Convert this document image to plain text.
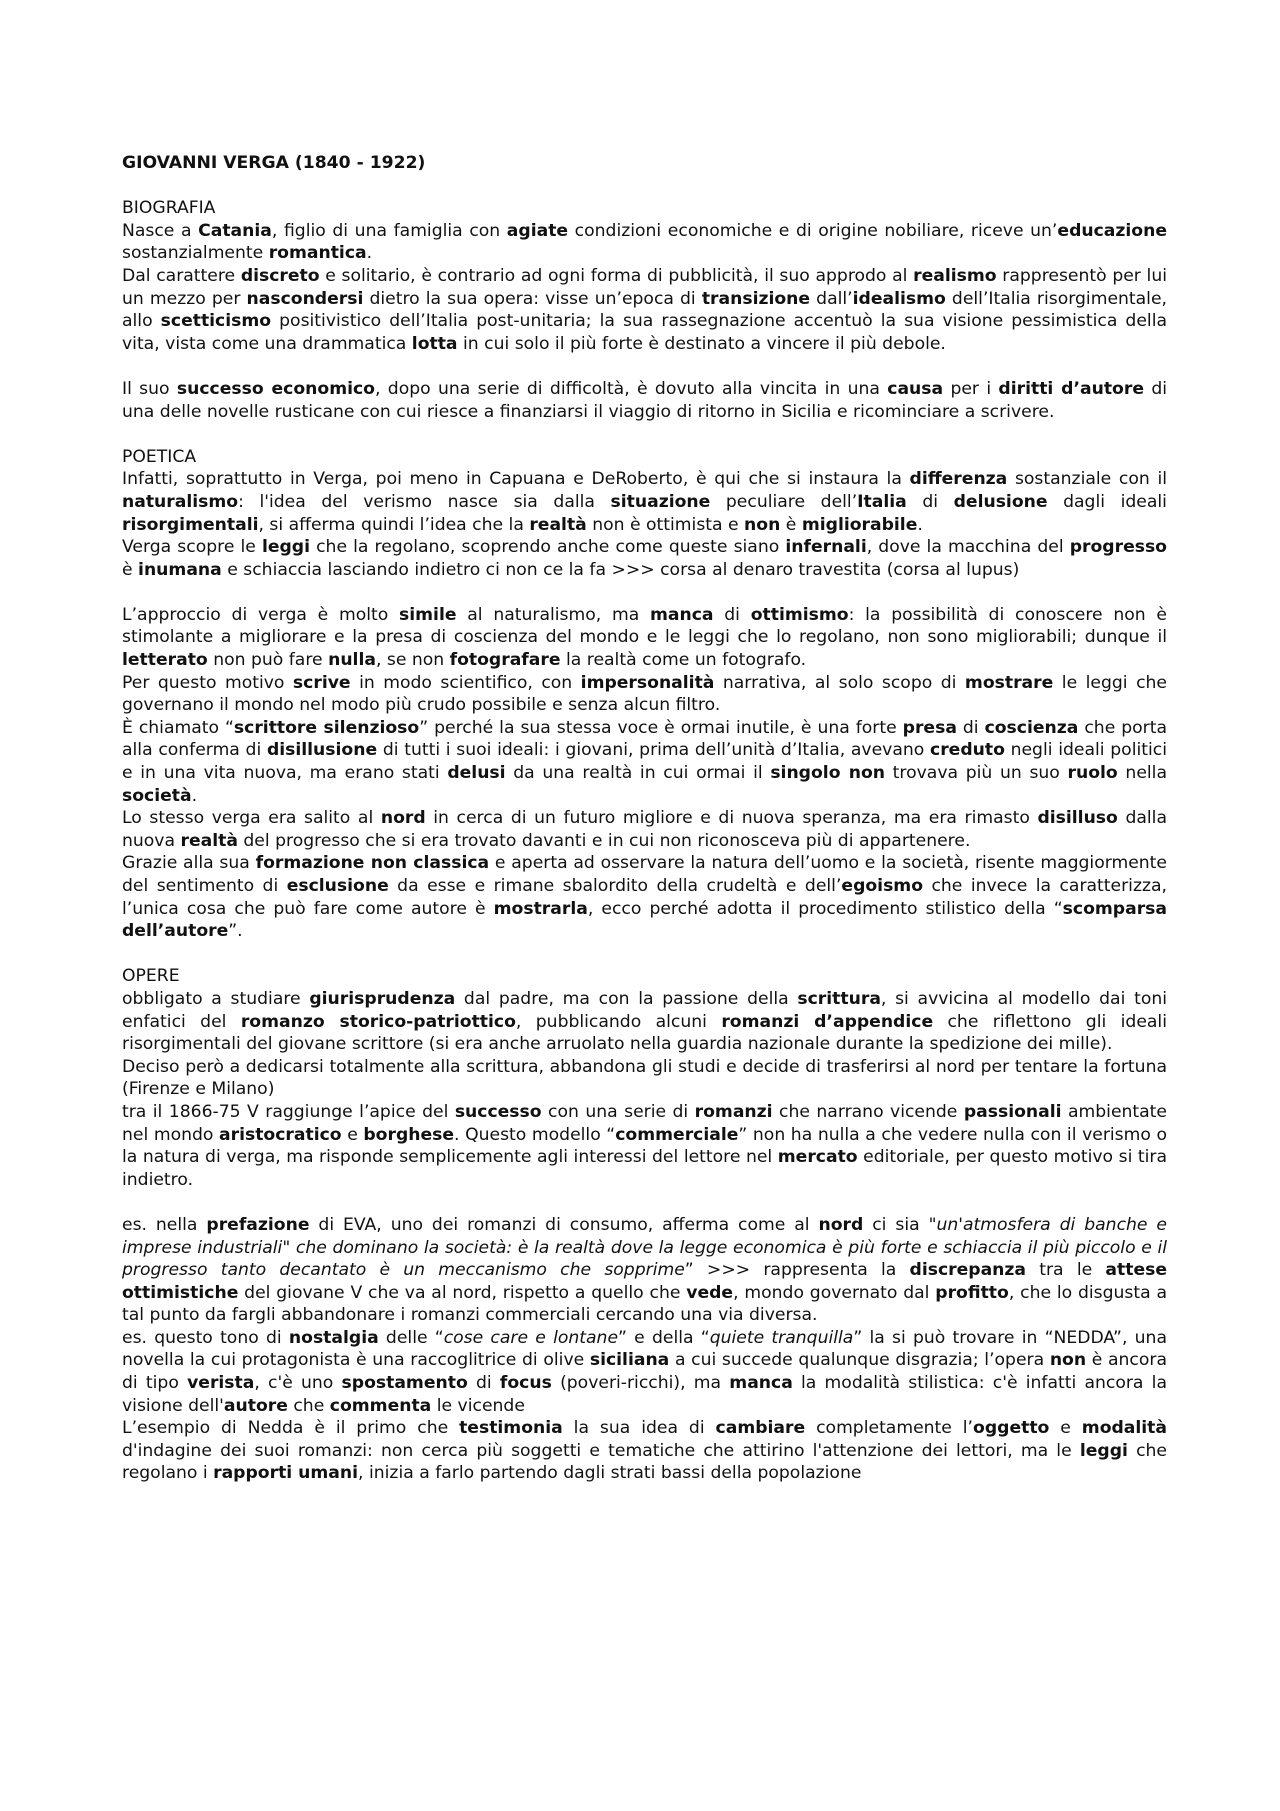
GIOVANNI VERGA (1840 - 1922)

BIOGRAFIA

Nasce a Catania, figlio di una famiglia con agiate condizioni economiche e di origine nobiliare, riceve un’educazione sostanzialmente romantica.

Dal carattere discreto e solitario, è contrario ad ogni forma di pubblicità, il suo approdo al realismo rappresentò per lui un mezzo per nascondersi dietro la sua opera: visse un’epoca di transizione dall’idealismo dell’Italia risorgimentale, allo scetticismo positivistico dell’Italia post-unitaria; la sua rassegnazione accentuò la sua visione pessimistica della vita, vista come una drammatica lotta in cui solo il più forte è destinato a vincere il più debole.

Il suo successo economico, dopo una serie di difficoltà, è dovuto alla vincita in una causa per i diritti d’autore di una delle novelle rusticane con cui riesce a finanziarsi il viaggio di ritorno in Sicilia e ricominciare a scrivere.

POETICA

Infatti, soprattutto in Verga, poi meno in Capuana e DeRoberto, è qui che si instaura la differenza sostanziale con il naturalismo: l'idea del verismo nasce sia dalla situazione peculiare dell’Italia di delusione dagli ideali risorgimentali, si afferma quindi l’idea che la realtà non è ottimista e non è migliorabile.

Verga scopre le leggi che la regolano, scoprendo anche come queste siano infernali, dove la macchina del progresso è inumana e schiaccia lasciando indietro ci non ce la fa >>> corsa al denaro travestita (corsa al lupus)

L’approccio di verga è molto simile al naturalismo, ma manca di ottimismo: la possibilità di conoscere non è stimolante a migliorare e la presa di coscienza del mondo e le leggi che lo regolano, non sono migliorabili; dunque il letterato non può fare nulla, se non fotografare la realtà come un fotografo.

Per questo motivo scrive in modo scientifico, con impersonalità narrativa, al solo scopo di mostrare le leggi che governano il mondo nel modo più crudo possibile e senza alcun filtro.

È chiamato “scrittore silenzioso” perché la sua stessa voce è ormai inutile, è una forte presa di coscienza che porta alla conferma di disillusione di tutti i suoi ideali: i giovani, prima dell’unità d’Italia, avevano creduto negli ideali politici e in una vita nuova, ma erano stati delusi da una realtà in cui ormai il singolo non trovava più un suo ruolo nella società.

Lo stesso verga era salito al nord in cerca di un futuro migliore e di nuova speranza, ma era rimasto disilluso dalla nuova realtà del progresso che si era trovato davanti e in cui non riconosceva più di appartenere.

Grazie alla sua formazione non classica e aperta ad osservare la natura dell’uomo e la società, risente maggiormente del sentimento di esclusione da esse e rimane sbalordito della crudeltà e dell’egoismo che invece la caratterizza, l’unica cosa che può fare come autore è mostrarla, ecco perché adotta il procedimento stilistico della “scomparsa dell’autore”.

OPERE

obbligato a studiare giurisprudenza dal padre, ma con la passione della scrittura, si avvicina al modello dai toni enfatici del romanzo storico-patriottico, pubblicando alcuni romanzi d’appendice che riflettono gli ideali risorgimentali del giovane scrittore (si era anche arruolato nella guardia nazionale durante la spedizione dei mille).

Deciso però a dedicarsi totalmente alla scrittura, abbandona gli studi e decide di trasferirsi al nord per tentare la fortuna (Firenze e Milano)

tra il 1866-75 V raggiunge l’apice del successo con una serie di romanzi che narrano vicende passionali ambientate nel mondo aristocratico e borghese. Questo modello “commerciale” non ha nulla a che vedere nulla con il verismo o la natura di verga, ma risponde semplicemente agli interessi del lettore nel mercato editoriale, per questo motivo si tira indietro.

es. nella prefazione di EVA, uno dei romanzi di consumo, afferma come al nord ci sia "un'atmosfera di banche e imprese industriali" che dominano la società: è la realtà dove la legge economica è più forte e schiaccia il più piccolo e il progresso tanto decantato è un meccanismo che sopprime” >>> rappresenta la discrepanza tra le attese ottimistiche del giovane V che va al nord, rispetto a quello che vede, mondo governato dal profitto, che lo disgusta a tal punto da fargli abbandonare i romanzi commerciali cercando una via diversa.

es. questo tono di nostalgia delle “cose care e lontane” e della “quiete tranquilla” la si può trovare in “NEDDA”, una novella la cui protagonista è una raccoglitrice di olive siciliana a cui succede qualunque disgrazia; l’opera non è ancora di tipo verista, c'è uno spostamento di focus (poveri-ricchi), ma manca la modalità stilistica: c'è infatti ancora la visione dell'autore che commenta le vicende

L’esempio di Nedda è il primo che testimonia la sua idea di cambiare completamente l’oggetto e modalità d'indagine dei suoi romanzi: non cerca più soggetti e tematiche che attirino l'attenzione dei lettori, ma le leggi che regolano i rapporti umani, inizia a farlo partendo dagli strati bassi della popolazione
